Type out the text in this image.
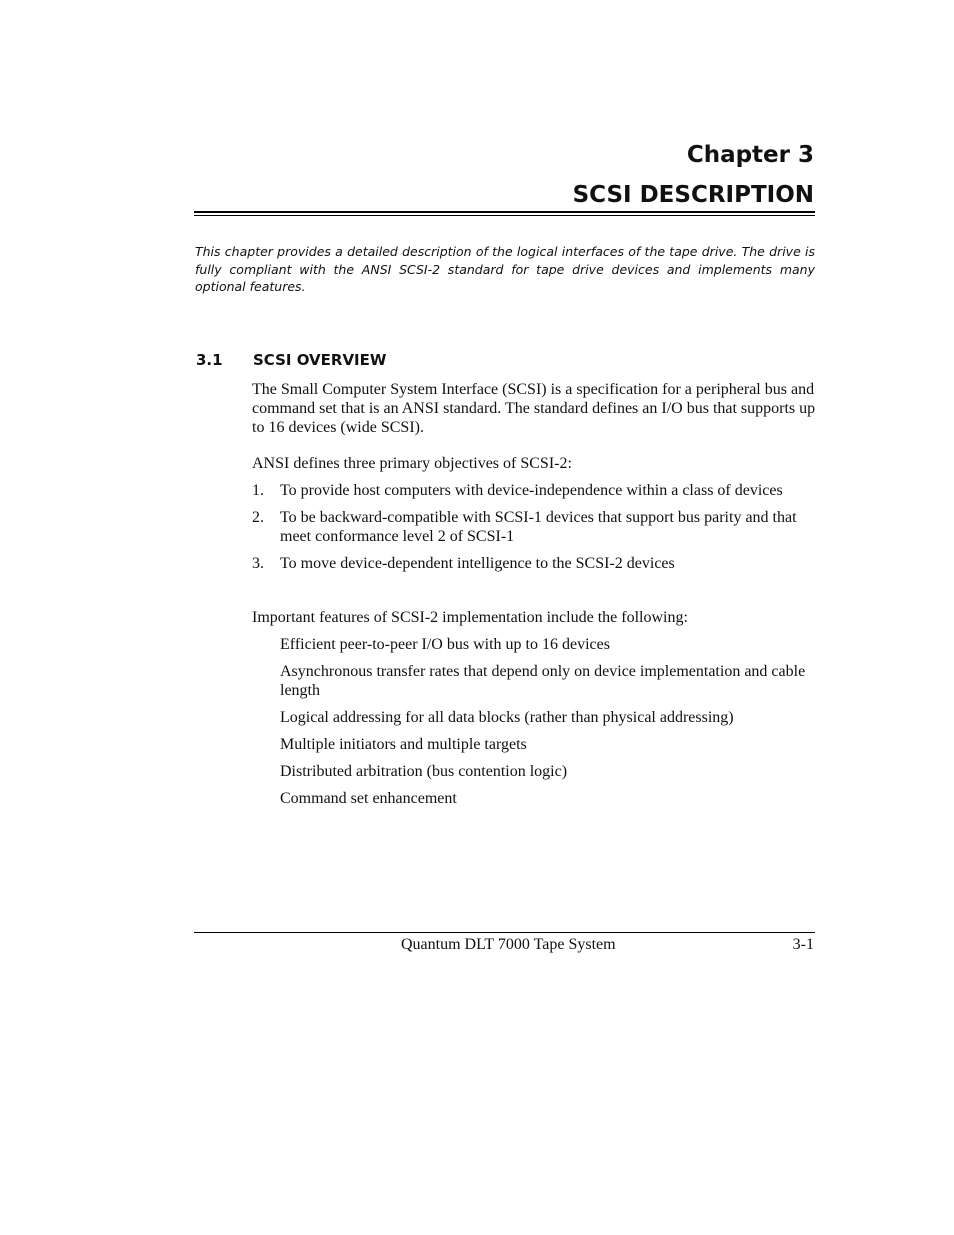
Chapter 3

SCSI DESCRIPTION

This chapter provides a detailed description of the logical interfaces of the tape drive. The drive is fully compliant with the ANSI SCSI-2 standard for tape drive devices and implements many optional features.

3.1 SCSI OVERVIEW

The Small Computer System Interface (SCSI) is a specification for a peripheral bus and command set that is an ANSI standard. The standard defines an I/O bus that supports up to 16 devices (wide SCSI).

ANSI defines three primary objectives of SCSI-2:

1. To provide host computers with device-independence within a class of devices
2. To be backward-compatible with SCSI-1 devices that support bus parity and that meet conformance level 2 of SCSI-1
3. To move device-dependent intelligence to the SCSI-2 devices

Important features of SCSI-2 implementation include the following:

Efficient peer-to-peer I/O bus with up to 16 devices
Asynchronous transfer rates that depend only on device implementation and cable length
Logical addressing for all data blocks (rather than physical addressing)
Multiple initiators and multiple targets
Distributed arbitration (bus contention logic)
Command set enhancement
Quantum DLT 7000 Tape System	3-1
